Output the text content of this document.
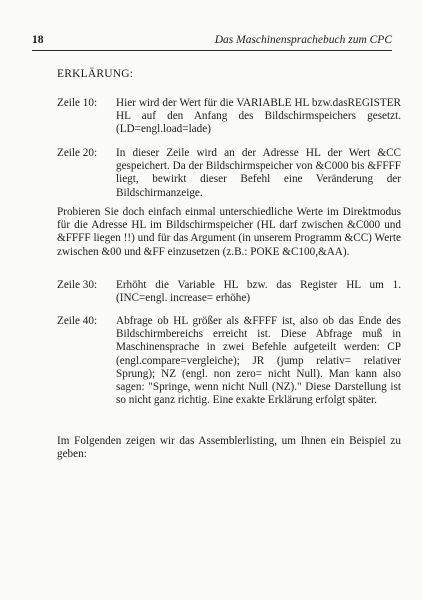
18	Das Maschinensprachebuch zum CPC
ERKLÄRUNG:
Zeile 10: Hier wird der Wert für die VARIABLE HL bzw.dasREGISTER HL auf den Anfang des Bildschirmspeichers gesetzt. (LD=engl.load=lade)
Zeile 20: In dieser Zeile wird an der Adresse HL der Wert &CC gespeichert. Da der Bildschirmspeicher von &C000 bis &FFFF liegt, bewirkt dieser Befehl eine Veränderung der Bildschirmanzeige.
Probieren Sie doch einfach einmal unterschiedliche Werte im Direktmodus für die Adresse HL im Bildschirmspeicher (HL darf zwischen &C000 und &FFFF liegen !!) und für das Argument (in unserem Programm &CC) Werte zwischen &00 und &FF einzusetzen (z.B.: POKE &C100,&AA).
Zeile 30: Erhöht die Variable HL bzw. das Register HL um 1. (INC=engl. increase= erhöhe)
Zeile 40: Abfrage ob HL größer als &FFFF ist, also ob das Ende des Bildschirmbereichs erreicht ist. Diese Abfrage muß in Maschinensprache in zwei Befehle aufgeteilt werden: CP (engl.compare=vergleiche); JR (jump relativ= relativer Sprung); NZ (engl. non zero= nicht Null). Man kann also sagen: "Springe, wenn nicht Null (NZ)." Diese Darstellung ist so nicht ganz richtig. Eine exakte Erklärung erfolgt später.
Im Folgenden zeigen wir das Assemblerlisting, um Ihnen ein Beispiel zu geben:
